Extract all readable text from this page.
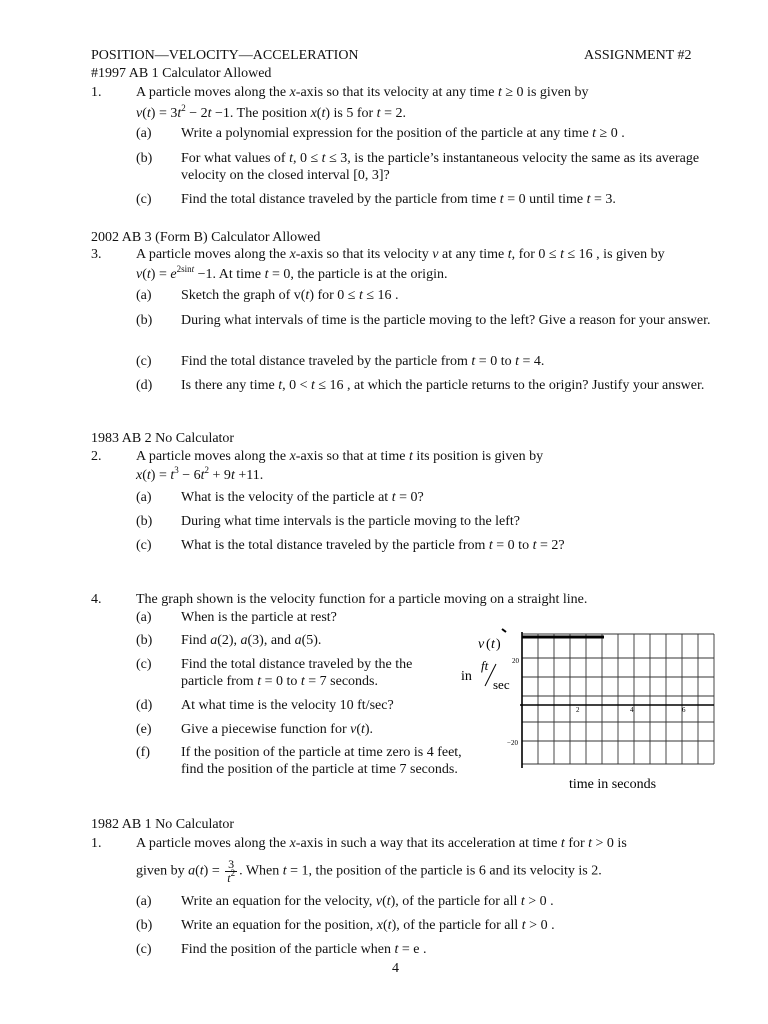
POSITION—VELOCITY—ACCELERATION	ASSIGNMENT #2
#1997 AB 1 Calculator Allowed
1. A particle moves along the x-axis so that its velocity at any time t ≥ 0 is given by
$v(t) = 3t^2 - 2t -1$. The position x(t) is 5 for t = 2.
(a) Write a polynomial expression for the position of the particle at any time t ≥ 0 .
(b) For what values of t, 0 ≤ t ≤ 3, is the particle’s instantaneous velocity the same as its average velocity on the closed interval [0, 3]?
(c) Find the total distance traveled by the particle from time t = 0 until time t = 3.
2002 AB 3 (Form B) Calculator Allowed
3. A particle moves along the x-axis so that its velocity v at any time t, for 0 ≤ t ≤ 16 , is given by
$v(t) = e^{2sint} -1$. At time t = 0, the particle is at the origin.
(a) Sketch the graph of v(t) for 0 ≤ t ≤ 16 .
(b) During what intervals of time is the particle moving to the left? Give a reason for your answer.
(c) Find the total distance traveled by the particle from t = 0 to t = 4.
(d) Is there any time t, 0 < t ≤ 16 , at which the particle returns to the origin? Justify your answer.
1983 AB 2 No Calculator
2. A particle moves along the x-axis so that at time t its position is given by
$x(t) = t^3 - 6t^2 + 9t +11$.
(a) What is the velocity of the particle at t = 0?
(b) During what time intervals is the particle moving to the left?
(c) What is the total distance traveled by the particle from t = 0 to t = 2?
4. The graph shown is the velocity function for a particle moving on a straight line.
(a) When is the particle at rest?
(b) Find a(2), a(3), and a(5).
(c) Find the total distance traveled by the the particle from t = 0 to t = 7 seconds.
(d) At what time is the velocity 10 ft/sec?
(e) Give a piecewise function for v(t).
(f) If the position of the particle at time zero is 4 feet, find the position of the particle at time 7 seconds.
v ( t )
in
ft
sec
20
−20
2	4	6
time in seconds
1982 AB 1 No Calculator
1. A particle moves along the x-axis in such a way that its acceleration at time t for t > 0 is
given by $a(t) = \frac{3}{t^2}$ . When t = 1, the position of the particle is 6 and its velocity is 2.
(a) Write an equation for the velocity, v(t), of the particle for all t > 0 .
(b) Write an equation for the position, x(t), of the particle for all t > 0 .
(c) Find the position of the particle when t = e .
4
